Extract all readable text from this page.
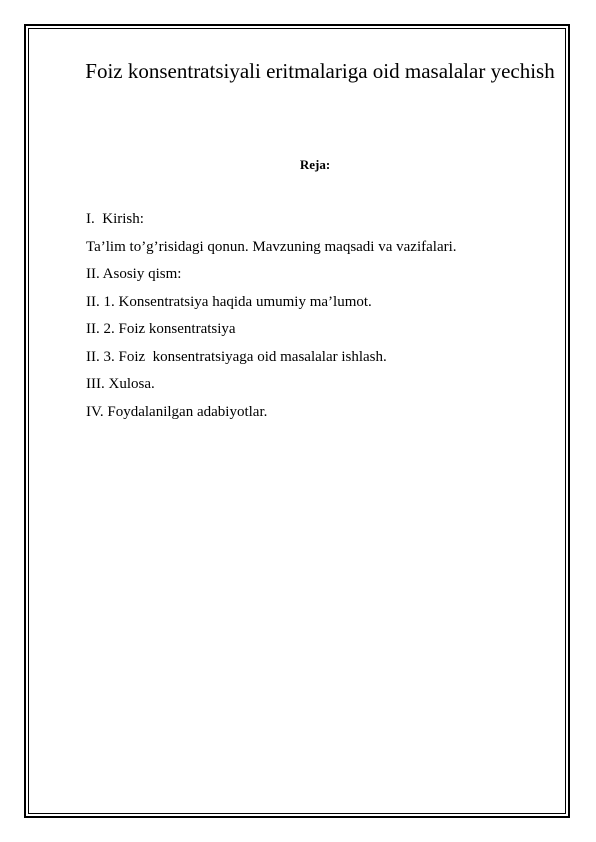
Foiz konsentratsiyali eritmalariga oid masalalar yechish

Reja:

I.  Kirish:
Ta’lim to’g’risidagi qonun. Mavzuning maqsadi va vazifalari.
II. Asosiy qism:
II. 1. Konsentratsiya haqida umumiy ma’lumot.
II. 2. Foiz konsentratsiya
II. 3. Foiz  konsentratsiyaga oid masalalar ishlash.
III. Xulosa.
IV. Foydalanilgan adabiyotlar.
